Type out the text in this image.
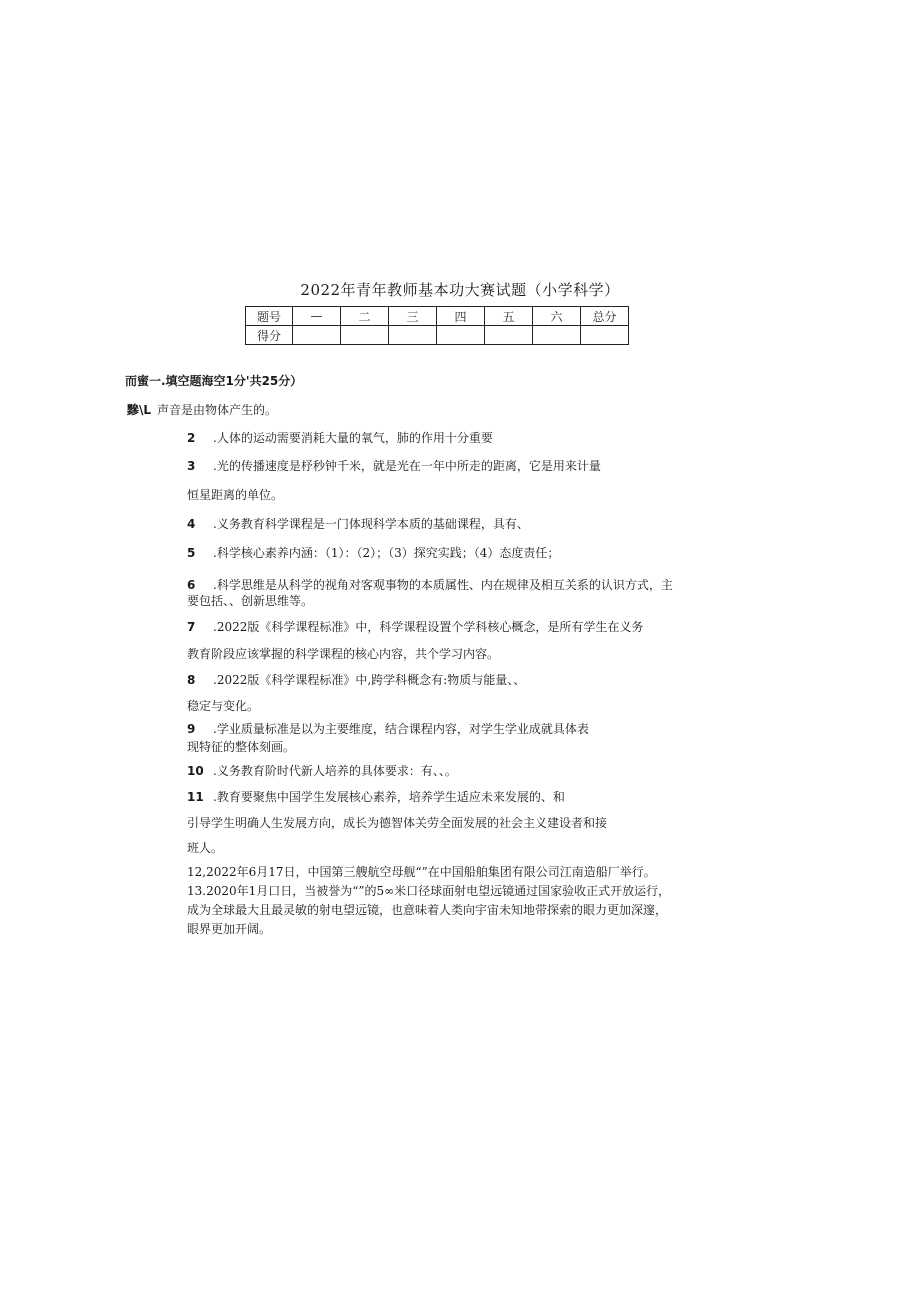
2022年青年教师基本功大赛试题（小学科学）
题号	—	二	三	四	五	六	总分
得分							
而蜜一.填空题海空1分'共25分）
黲\L 声音是由物体产生的。
2 .人体的运动需要消耗大量的氧气，肺的作用十分重要
3 .光的传播速度是杼秒钟千米，就是光在一年中所走的距离，它是用来计量
恒星距离的单位。
4 .义务教育科学课程是一门体现科学本质的基础课程，具有、
5 .科学核心素养内涵：（1）：（2）；（3）探究实践；（4）态度责任；
6 .科学思维是从科学的视角对客观事物的本质属性、内在规律及相互关系的认识方式，主
要包括、、创新思维等。
7 .2022版《科学课程标准》中，科学课程设置个学科核心概念，是所有学生在义务
教育阶段应该掌握的科学课程的核心内容，共个学习内容。
8 .2022版《科学课程标准》中,跨学科概念有:物质与能量、、
稳定与变化。
9 .学业质量标准是以为主要维度，结合课程内容，对学生学业成就具体表
现特征的整体刻画。
10 .义务教育阶时代新人培养的具体要求：有、、。
11 .教育要聚焦中国学生发展核心素养，培养学生适应未来发展的、和
引导学生明确人生发展方向，成长为德智体关劳全面发展的社会主义建设者和接
班人。
12,2022年6月17日，中国第三艘航空母舰“”在中国船舶集团有限公司江南造船厂举行。
13.2020年1月口日，当被誉为“”的5∞米口径球面射电望远镜通过国家验收正式开放运行，
成为全球最大且最灵敏的射电望远镜，也意味着人类向宇宙未知地带探索的眼力更加深邃，
眼界更加开阔。
